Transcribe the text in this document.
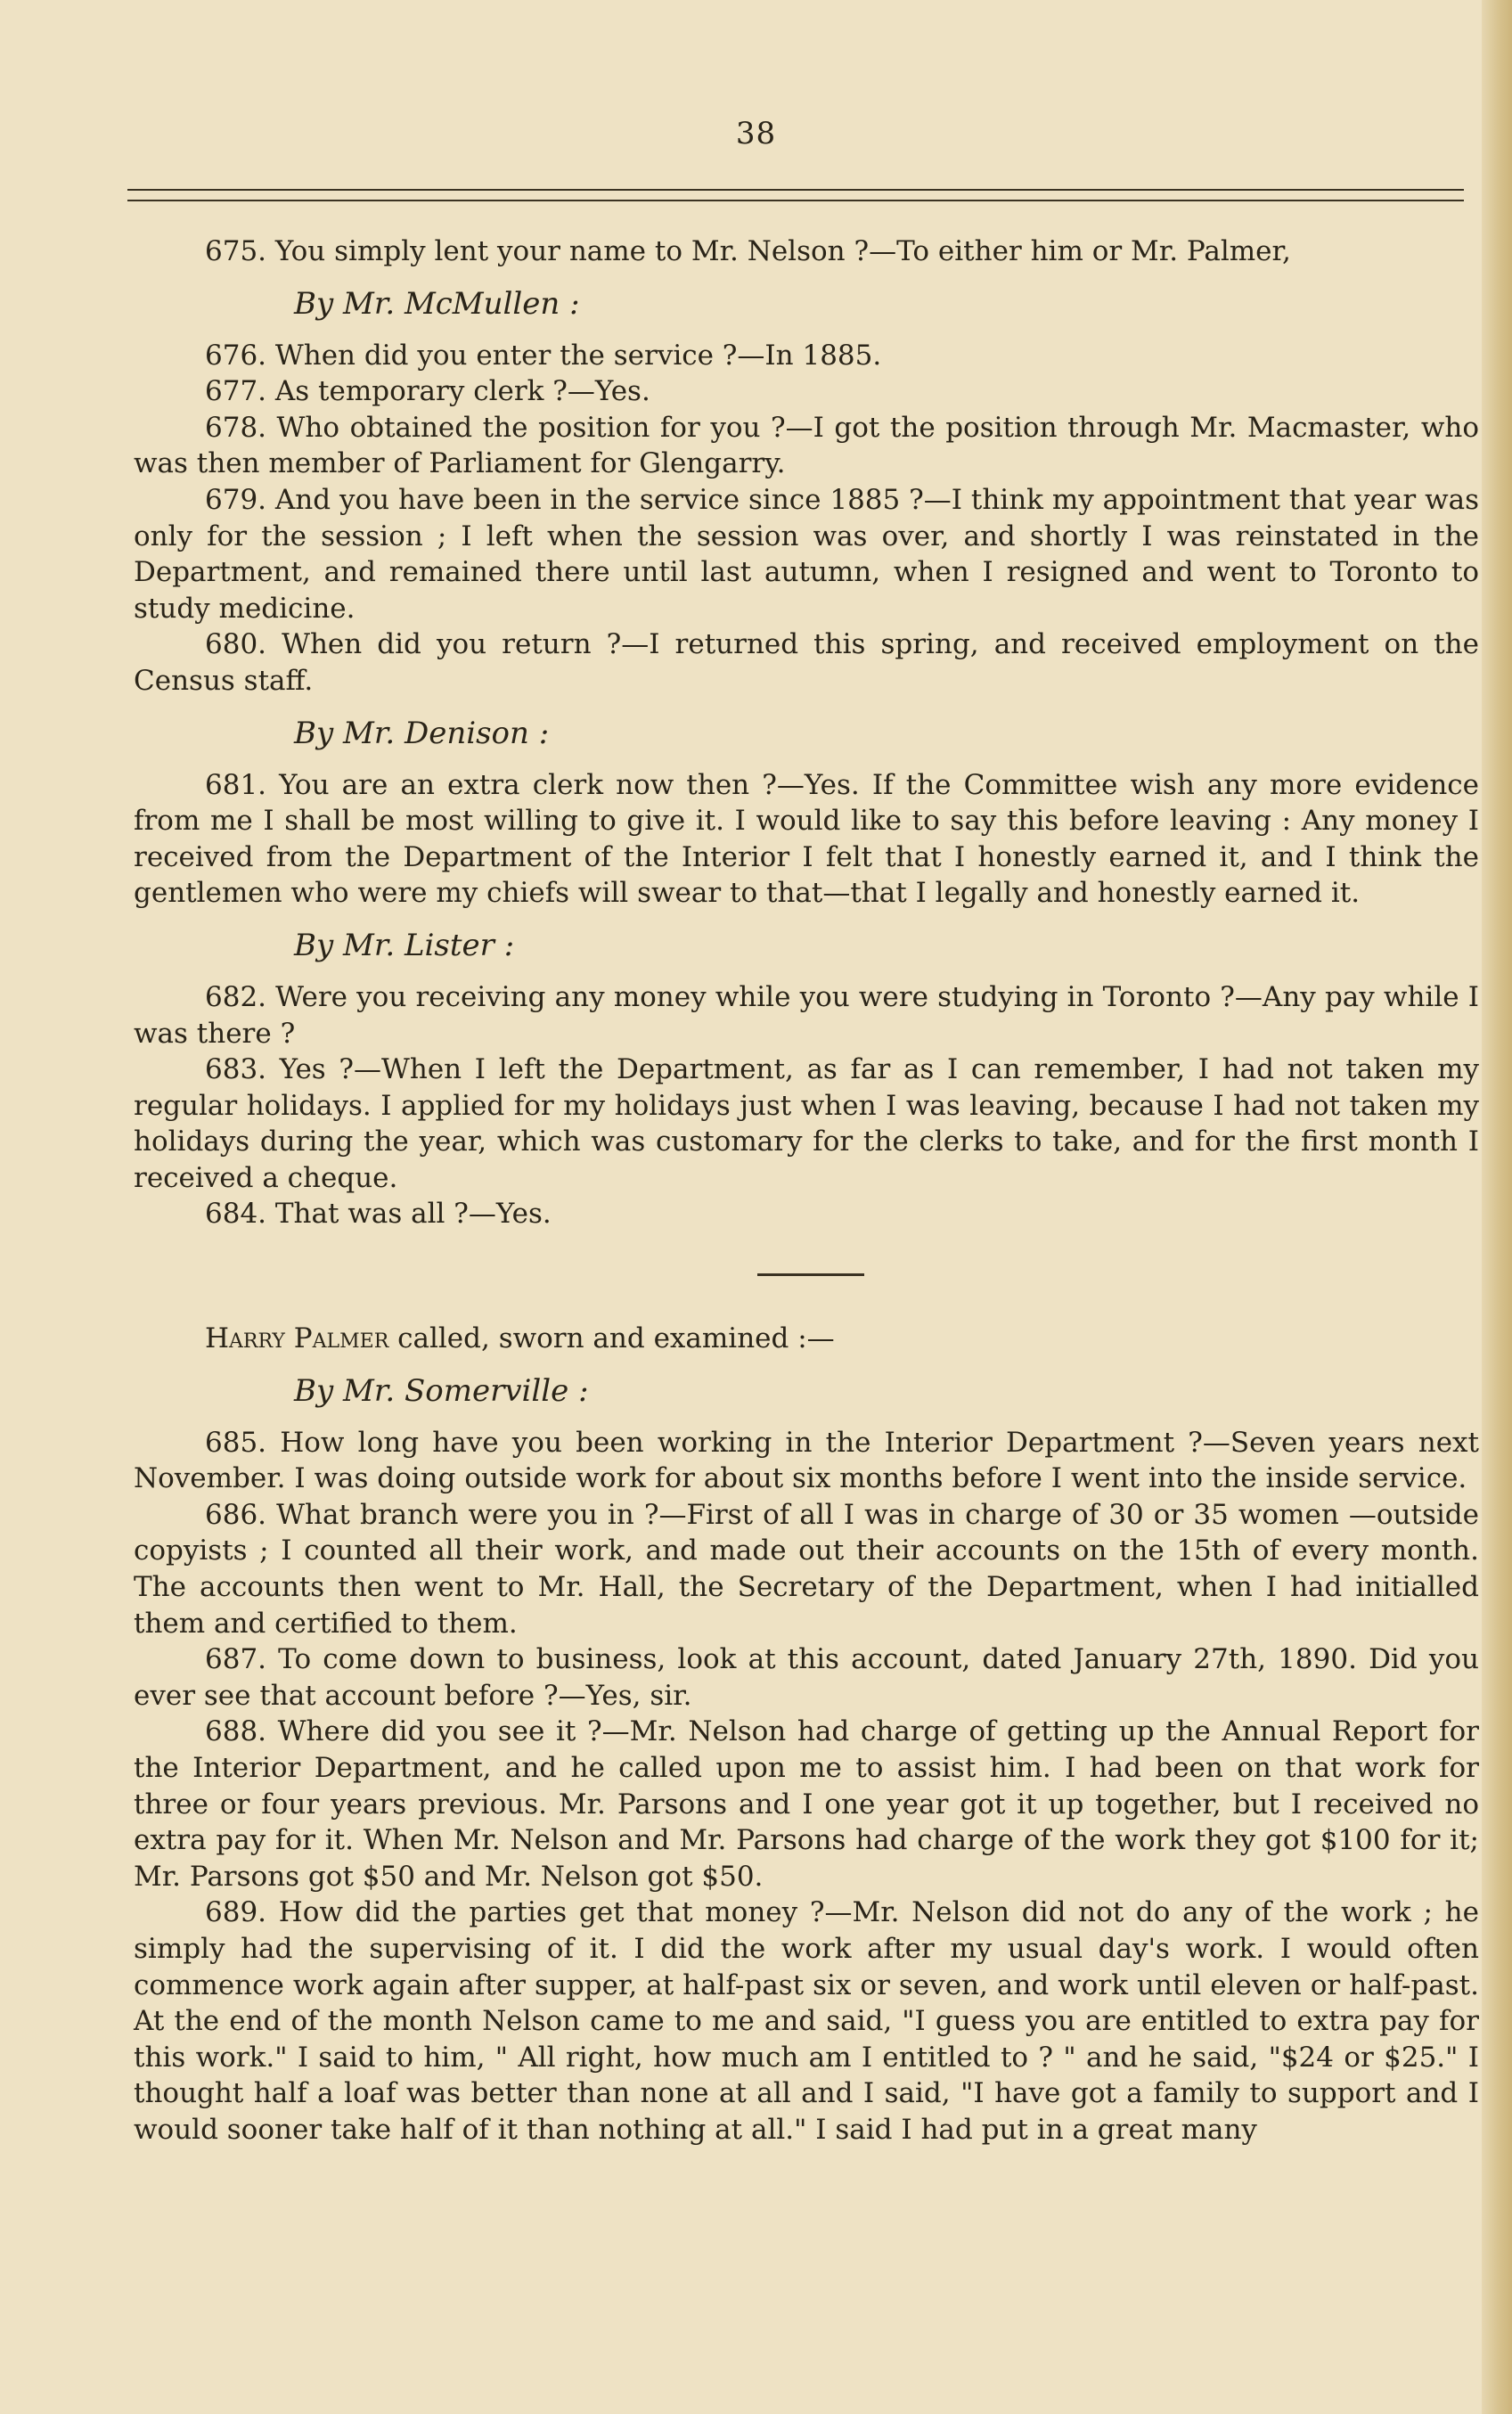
38

675. You simply lent your name to Mr. Nelson ?—To either him or Mr. Palmer,

By Mr. McMullen :

676. When did you enter the service ?—In 1885.

677. As temporary clerk ?—Yes.

678. Who obtained the position for you ?—I got the position through Mr. Macmaster, who was then member of Parliament for Glengarry.

679. And you have been in the service since 1885 ?—I think my appointment that year was only for the session ; I left when the session was over, and shortly I was reinstated in the Department, and remained there until last autumn, when I resigned and went to Toronto to study medicine.

680. When did you return ?—I returned this spring, and received employment on the Census staff.

By Mr. Denison :

681. You are an extra clerk now then ?—Yes. If the Committee wish any more evidence from me I shall be most willing to give it. I would like to say this before leaving : Any money I received from the Department of the Interior I felt that I honestly earned it, and I think the gentlemen who were my chiefs will swear to that—that I legally and honestly earned it.

By Mr. Lister :

682. Were you receiving any money while you were studying in Toronto ?—Any pay while I was there ?

683. Yes ?—When I left the Department, as far as I can remember, I had not taken my regular holidays. I applied for my holidays just when I was leaving, because I had not taken my holidays during the year, which was customary for the clerks to take, and for the first month I received a cheque.

684. That was all ?—Yes.

Harry Palmer called, sworn and examined :—

By Mr. Somerville :

685. How long have you been working in the Interior Department ?—Seven years next November. I was doing outside work for about six months before I went into the inside service.

686. What branch were you in ?—First of all I was in charge of 30 or 35 women —outside copyists ; I counted all their work, and made out their accounts on the 15th of every month. The accounts then went to Mr. Hall, the Secretary of the Department, when I had initialled them and certified to them.

687. To come down to business, look at this account, dated January 27th, 1890. Did you ever see that account before ?—Yes, sir.

688. Where did you see it ?—Mr. Nelson had charge of getting up the Annual Report for the Interior Department, and he called upon me to assist him. I had been on that work for three or four years previous. Mr. Parsons and I one year got it up together, but I received no extra pay for it. When Mr. Nelson and Mr. Parsons had charge of the work they got $100 for it; Mr. Parsons got $50 and Mr. Nelson got $50.

689. How did the parties get that money ?—Mr. Nelson did not do any of the work ; he simply had the supervising of it. I did the work after my usual day's work. I would often commence work again after supper, at half-past six or seven, and work until eleven or half-past. At the end of the month Nelson came to me and said, "I guess you are entitled to extra pay for this work." I said to him, " All right, how much am I entitled to ? " and he said, "$24 or $25." I thought half a loaf was better than none at all and I said, "I have got a family to support and I would sooner take half of it than nothing at all." I said I had put in a great many
